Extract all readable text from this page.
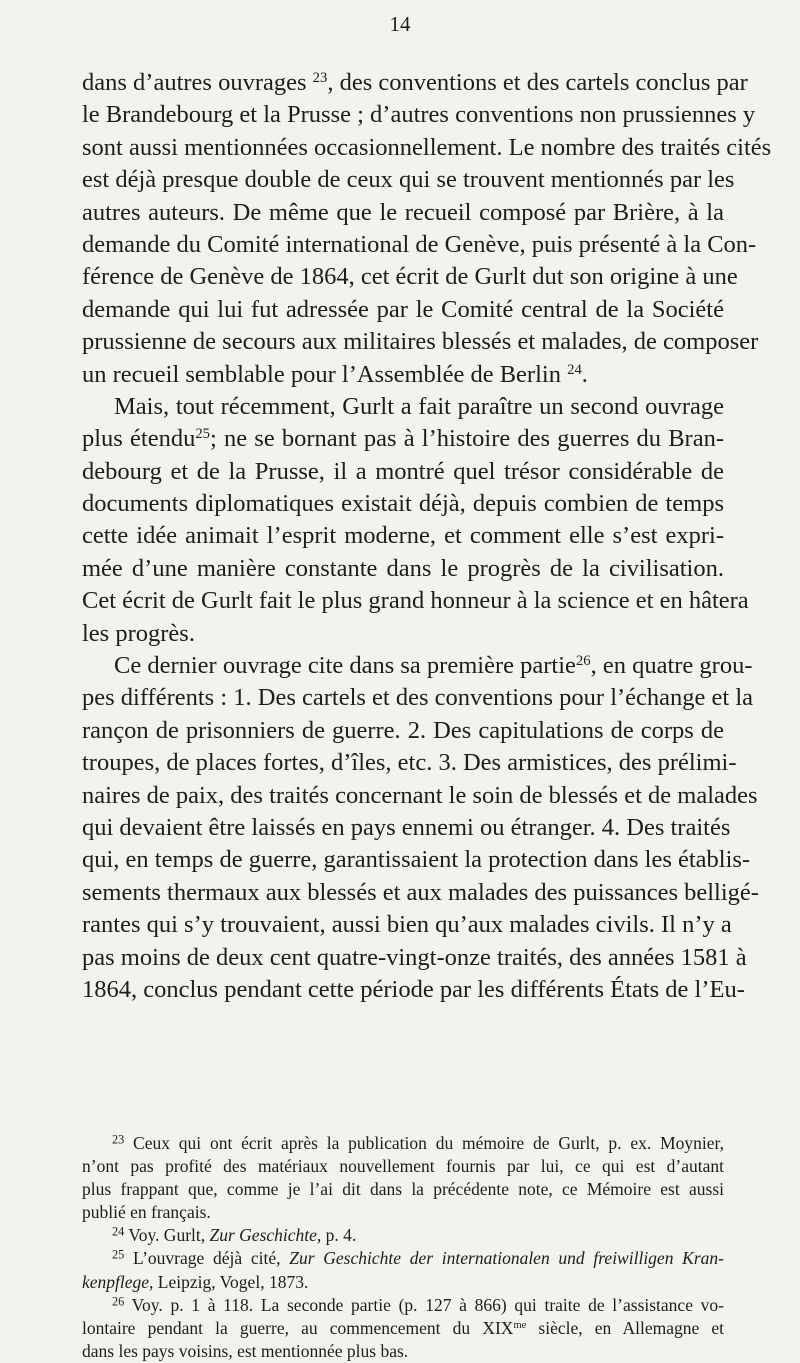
14
dans d’autres ouvrages $^{23}$, des conventions et des cartels conclus par
le Brandebourg et la Prusse ; d’autres conventions non prussiennes y
sont aussi mentionnées occasionnellement. Le nombre des traités cités
est déjà presque double de ceux qui se trouvent mentionnés par les
autres auteurs. De même que le recueil composé par Brière, à la
demande du Comité international de Genève, puis présenté à la Con-
férence de Genève de 1864, cet écrit de Gurlt dut son origine à une
demande qui lui fut adressée par le Comité central de la Société
prussienne de secours aux militaires blessés et malades, de composer
un recueil semblable pour l’Assemblée de Berlin $^{24}$.
Mais, tout récemment, Gurlt a fait paraître un second ouvrage
plus étendu$^{25}$; ne se bornant pas à l’histoire des guerres du Bran-
debourg et de la Prusse, il a montré quel trésor considérable de
documents diplomatiques existait déjà, depuis combien de temps
cette idée animait l’esprit moderne, et comment elle s’est expri-
mée d’une manière constante dans le progrès de la civilisation.
Cet écrit de Gurlt fait le plus grand honneur à la science et en hâtera
les progrès.
Ce dernier ouvrage cite dans sa première partie$^{26}$, en quatre grou-
pes différents : 1. Des cartels et des conventions pour l’échange et la
rançon de prisonniers de guerre. 2. Des capitulations de corps de
troupes, de places fortes, d’îles, etc. 3. Des armistices, des prélimi-
naires de paix, des traités concernant le soin de blessés et de malades
qui devaient être laissés en pays ennemi ou étranger. 4. Des traités
qui, en temps de guerre, garantissaient la protection dans les établis-
sements thermaux aux blessés et aux malades des puissances belligé-
rantes qui s’y trouvaient, aussi bien qu’aux malades civils. Il n’y a
pas moins de deux cent quatre-vingt-onze traités, des années 1581 à
1864, conclus pendant cette période par les différents États de l’Eu-
$^{23}$ Ceux qui ont écrit après la publication du mémoire de Gurlt, p. ex. Moynier,
n’ont pas profité des matériaux nouvellement fournis par lui, ce qui est d’autant
plus frappant que, comme je l’ai dit dans la précédente note, ce Mémoire est aussi
publié en français.
$^{24}$ Voy. Gurlt, Zur Geschichte, p. 4.
$^{25}$ L’ouvrage déjà cité, Zur Geschichte der internationalen und freiwilligen Kran-
kenpflege, Leipzig, Vogel, 1873.
$^{26}$ Voy. p. 1 à 118. La seconde partie (p. 127 à 866) qui traite de l’assistance vo-
lontaire pendant la guerre, au commencement du $XIX^{me}$ siècle, en Allemagne et
dans les pays voisins, est mentionnée plus bas.
